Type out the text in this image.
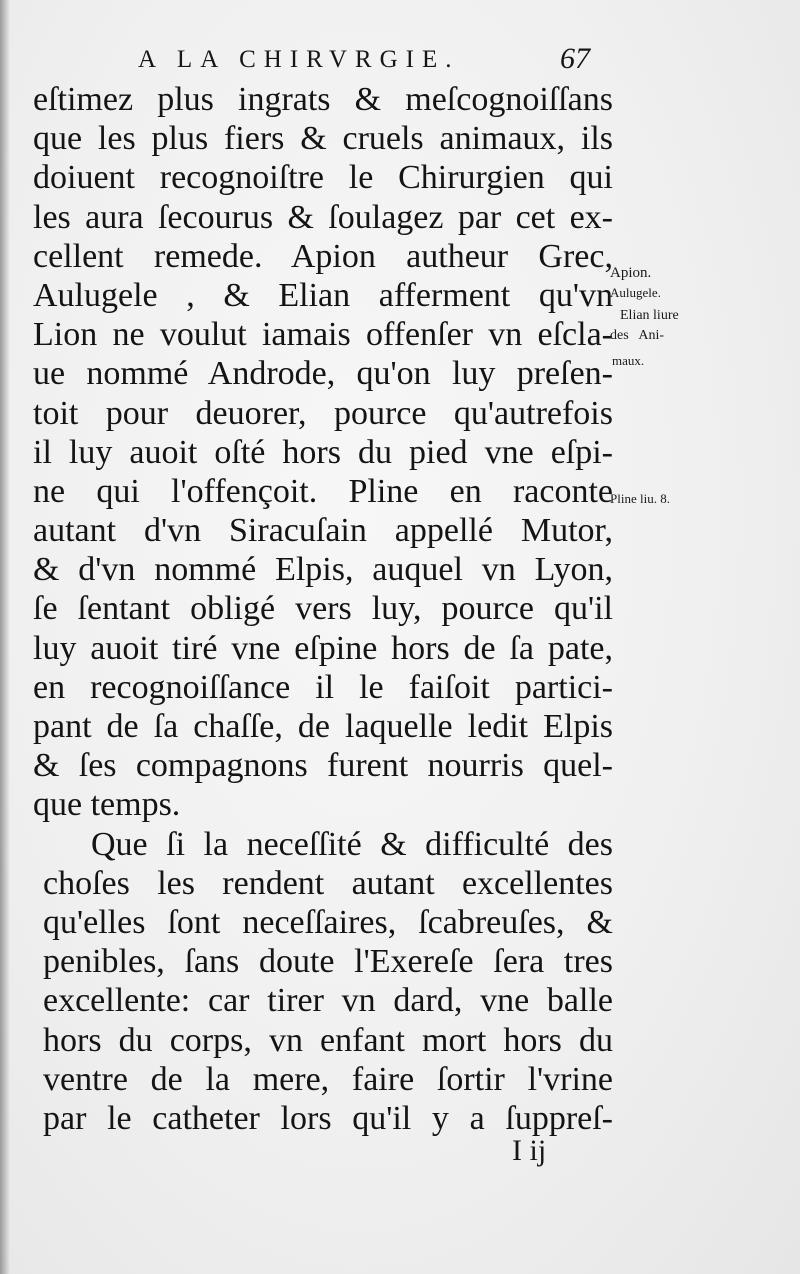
A LA CHIRVRGIE.	67
eſtimez plus ingrats & meſcognoiſſans
que les plus fiers & cruels animaux, ils
doiuent recognoiſtre le Chirurgien qui
les aura ſecourus & ſoulagez par cet ex-
cellent remede. Apion autheur Grec,
Aulugele , & Elian afferment qu'vn
Lion ne voulut iamais offenſer vn eſcla-
ue nommé Androde, qu'on luy preſen-
toit pour deuorer, pource qu'autrefois
il luy auoit oſté hors du pied vne eſpi-
ne qui l'offençoit. Pline en raconte
autant d'vn Siracuſain appellé Mutor,
& d'vn nommé Elpis, auquel vn Lyon,
ſe ſentant obligé vers luy, pource qu'il
luy auoit tiré vne eſpine hors de ſa pate,
en recognoiſſance il le faiſoit partici-
pant de ſa chaſſe, de laquelle ledit Elpis
& ſes compagnons furent nourris quel-
que temps.
Que ſi la neceſſité & difficulté des
choſes les rendent autant excellentes
qu'elles ſont neceſſaires, ſcabreuſes, &
penibles, ſans doute l'Exereſe ſera tres
excellente: car tirer vn dard, vne balle
hors du corps, vn enfant mort hors du
ventre de la mere, faire ſortir l'vrine
par le catheter lors qu'il y a ſuppreſ-
Apion.
Aulugele.
Elian liure
des   Ani-
maux.
Pline liu. 8.
I ij
